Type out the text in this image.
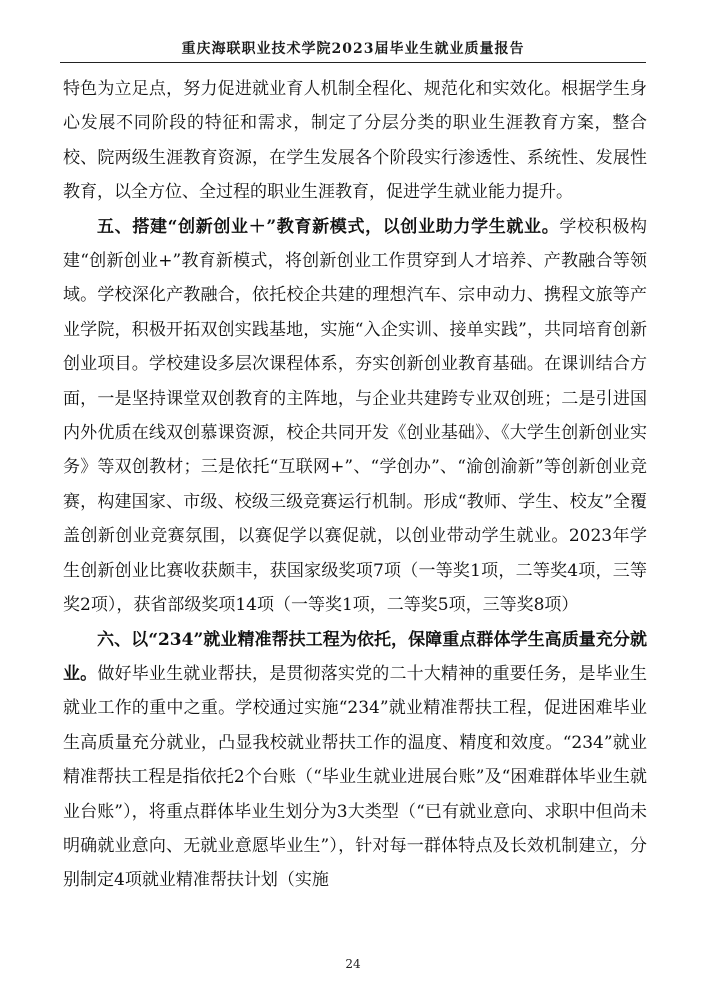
重庆海联职业技术学院2023届毕业生就业质量报告

特色为立足点，努力促进就业育人机制全程化、规范化和实效化。根据学生身心发展不同阶段的特征和需求，制定了分层分类的职业生涯教育方案，整合校、院两级生涯教育资源，在学生发展各个阶段实行渗透性、系统性、发展性教育，以全方位、全过程的职业生涯教育，促进学生就业能力提升。

五、搭建“创新创业＋”教育新模式，以创业助力学生就业。学校积极构建“创新创业+”教育新模式，将创新创业工作贯穿到人才培养、产教融合等领域。学校深化产教融合，依托校企共建的理想汽车、宗申动力、携程文旅等产业学院，积极开拓双创实践基地，实施“入企实训、接单实践”，共同培育创新创业项目。学校建设多层次课程体系，夯实创新创业教育基础。在课训结合方面，一是坚持课堂双创教育的主阵地，与企业共建跨专业双创班；二是引进国内外优质在线双创慕课资源，校企共同开发《创业基础》、《大学生创新创业实务》等双创教材；三是依托“互联网+”、“学创办”、“渝创渝新”等创新创业竞赛，构建国家、市级、校级三级竞赛运行机制。形成“教师、学生、校友”全覆盖创新创业竞赛氛围，以赛促学以赛促就，以创业带动学生就业。2023年学生创新创业比赛收获颇丰，获国家级奖项7项（一等奖1项，二等奖4项，三等奖2项），获省部级奖项14项（一等奖1项，二等奖5项，三等奖8项）

六、以“234”就业精准帮扶工程为依托，保障重点群体学生高质量充分就业。做好毕业生就业帮扶，是贯彻落实党的二十大精神的重要任务，是毕业生就业工作的重中之重。学校通过实施“234”就业精准帮扶工程，促进困难毕业生高质量充分就业，凸显我校就业帮扶工作的温度、精度和效度。“234”就业精准帮扶工程是指依托2个台账（“毕业生就业进展台账”及“困难群体毕业生就业台账”），将重点群体毕业生划分为3大类型（“已有就业意向、求职中但尚未明确就业意向、无就业意愿毕业生”），针对每一群体特点及长效机制建立，分别制定4项就业精准帮扶计划（实施

24
